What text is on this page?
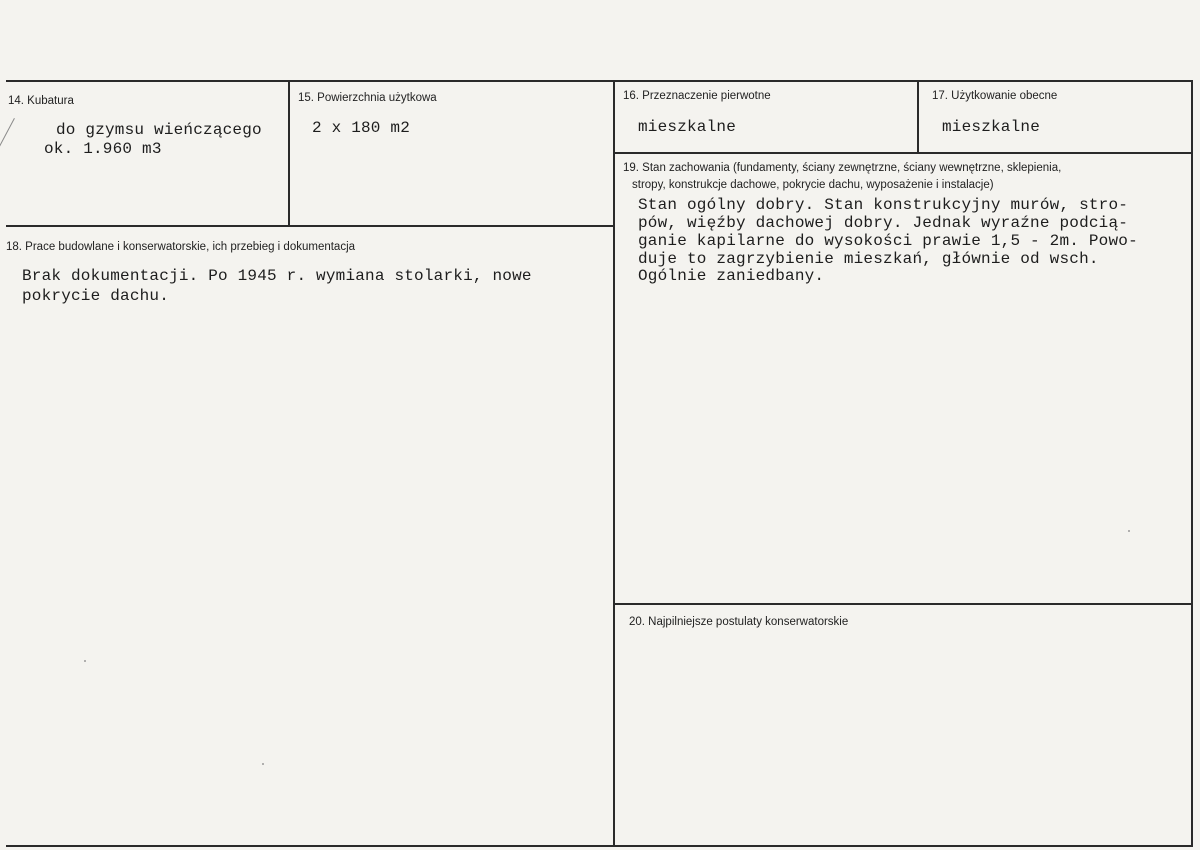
14. Kubatura
do gzymsu wieńczącego
ok. 1.960 m3
15. Powierzchnia użytkowa
2 x 180 m2
16. Przeznaczenie pierwotne
mieszkalne
17. Użytkowanie obecne
mieszkalne
19. Stan zachowania (fundamenty, ściany zewnętrzne, ściany wewnętrzne, sklepienia,
stropy, konstrukcje dachowe, pokrycie dachu, wyposażenie i instalacje)
Stan ogólny dobry. Stan konstrukcyjny murów, stro-
pów, więźby dachowej dobry. Jednak wyraźne podcią-
ganie kapilarne do wysokości prawie 1,5 - 2m. Powo-
duje to zagrzybienie mieszkań, głównie od wsch.
Ogólnie zaniedbany.
18. Prace budowlane i konserwatorskie, ich przebieg i dokumentacja
Brak dokumentacji. Po 1945 r. wymiana stolarki, nowe
pokrycie dachu.
20. Najpilniejsze postulaty konserwatorskie
